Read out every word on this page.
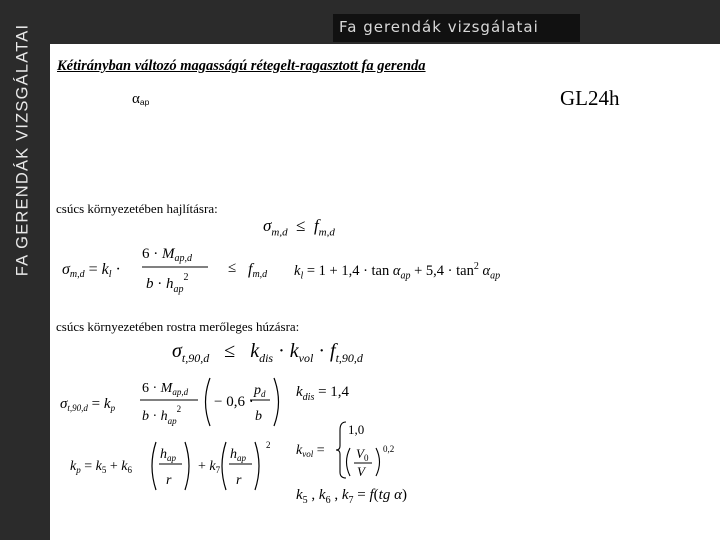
FA GERENDÁK VIZSGÁLATAI	Fa gerendák vizsgálatai
Kétirányban változó magasságú rétegelt-ragasztott fa gerenda
$\alpha_{ap}$	GL24h
csúcs környezetében hajlításra:
$\sigma_{m,d} \le f_{m,d}$
σm,d = kl ·
$6 \cdot M_{ap,d}$
$b \cdot h_{ap}^2$
≤ fm,d $k_l = 1 + 1,4 \cdot \tan \alpha_{ap} + 5,4 \cdot \tan^2 \alpha_{ap}$
csúcs környezetében rostra merőleges húzásra:
$\sigma_{t,90,d} \le k_{dis} \cdot k_{vol} \cdot f_{t,90,d}$
$\sigma_{t,90,d} = k_p$
$6 \cdot M_{ap,d}$
$b \cdot h_{ap}^2 - 0,6$ ·
$p_d$
b
$k_{dis} = 1,4$
$k_p = k_5 + k_6$
$h_{ap}$
r
+ $k_7$
$h_{ap}$
r
2 $k_{vol}$ =
1,0
$V_0$
V
0,2
$k_5$ , $k_6$ , $k_7 = f(tg$ α)
